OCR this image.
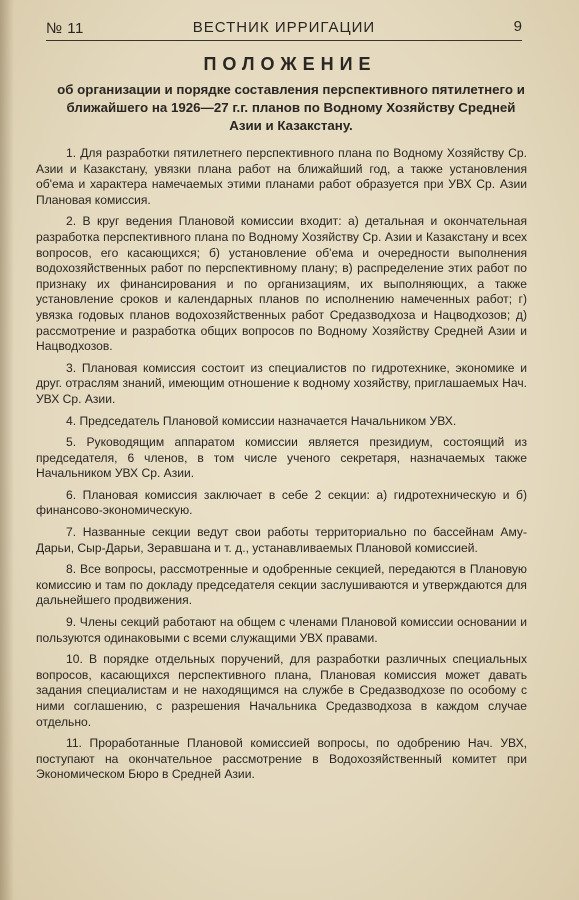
№ 11	ВЕСТНИК ИРРИГАЦИИ	9
ПОЛОЖЕНИЕ
об организации и порядке составления перспективного пятилетнего и ближайшего на 1926—27 г.г. планов по Водному Хозяйству Средней Азии и Казакстану.

1. Для разработки пятилетнего перспективного плана по Водному Хозяйству Ср. Азии и Казакстану, увязки плана работ на ближайший год, а также установления об'ема и характера намечаемых этими планами работ образуется при УВХ Ср. Азии Плановая комиссия.

2. В круг ведения Плановой комиссии входит: а) детальная и окончательная разработка перспективного плана по Водному Хозяйству Ср. Азии и Казакстану и всех вопросов, его касающихся; б) установление об'ема и очередности выполнения водохозяйственных работ по перспективному плану; в) распределение этих работ по признаку их финансирования и по организациям, их выполняющих, а также установление сроков и календарных планов по исполнению намеченных работ; г) увязка годовых планов водохозяйственных работ Средазводхоза и Нацводхозов; д) рассмотрение и разработка общих вопросов по Водному Хозяйству Средней Азии и Нацводхозов.

3. Плановая комиссия состоит из специалистов по гидротехнике, экономике и друг. отраслям знаний, имеющим отношение к водному хозяйству, приглашаемых Нач. УВХ Ср. Азии.

4. Председатель Плановой комиссии назначается Начальником УВХ.

5. Руководящим аппаратом комиссии является президиум, состоящий из председателя, 6 членов, в том числе ученого секретаря, назначаемых также Начальником УВХ Ср. Азии.

6. Плановая комиссия заключает в себе 2 секции: а) гидротехническую и б) финансово-экономическую.

7. Названные секции ведут свои работы территориально по бассейнам Аму-Дарьи, Сыр-Дарьи, Зеравшана и т. д., устанавливаемых Плановой комиссией.

8. Все вопросы, рассмотренные и одобренные секцией, передаются в Плановую комиссию и там по докладу председателя секции заслушиваются и утверждаются для дальнейшего продвижения.

9. Члены секций работают на общем с членами Плановой комиссии основании и пользуются одинаковыми с всеми служащими УВХ правами.

10. В порядке отдельных поручений, для разработки различных специальных вопросов, касающихся перспективного плана, Плановая комиссия может давать задания специалистам и не находящимся на службе в Средазводхозе по особому с ними соглашению, с разрешения Начальника Средазводхоза в каждом случае отдельно.

11. Проработанные Плановой комиссией вопросы, по одобрению Нач. УВХ, поступают на окончательное рассмотрение в Водохозяйственный комитет при Экономическом Бюро в Средней Азии.
